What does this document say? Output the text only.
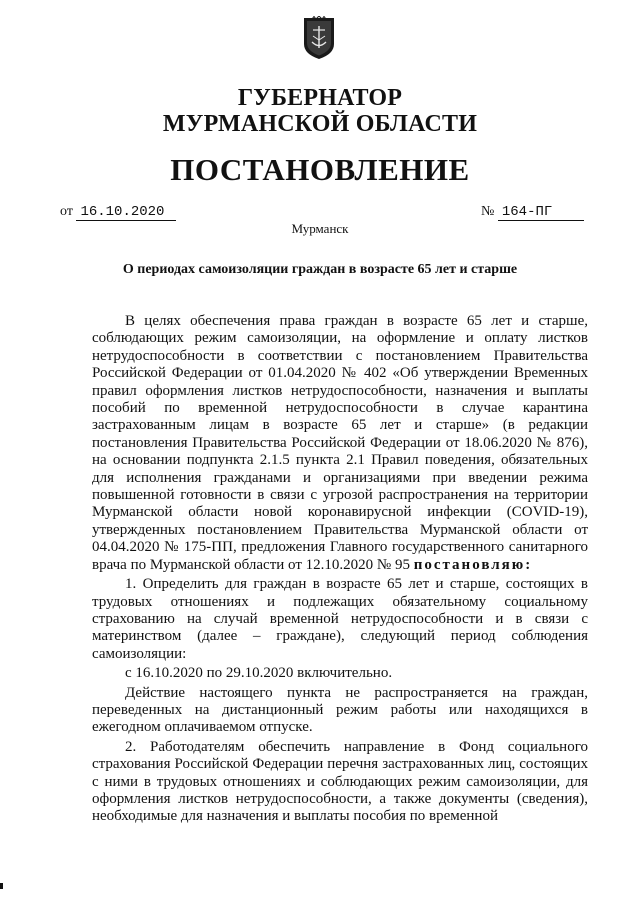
ГУБЕРНАТОР
МУРМАНСКОЙ ОБЛАСТИ
ПОСТАНОВЛЕНИЕ
от 16.10.2020	№ 164-ПГ
Мурманск
О периодах самоизоляции граждан в возрасте 65 лет и старше

В целях обеспечения права граждан в возрасте 65 лет и старше, соблюдающих режим самоизоляции, на оформление и оплату листков нетрудоспособности в соответствии с постановлением Правительства Российской Федерации от 01.04.2020 № 402 «Об утверждении Временных правил оформления листков нетрудоспособности, назначения и выплаты пособий по временной нетрудоспособности в случае карантина застрахованным лицам в возрасте 65 лет и старше» (в редакции постановления Правительства Российской Федерации от 18.06.2020 № 876), на основании подпункта 2.1.5 пункта 2.1 Правил поведения, обязательных для исполнения гражданами и организациями при введении режима повышенной готовности в связи с угрозой распространения на территории Мурманской области новой коронавирусной инфекции (COVID-19), утвержденных постановлением Правительства Мурманской области от 04.04.2020 № 175-ПП, предложения Главного государственного санитарного врача по Мурманской области от 12.10.2020 № 95 постановляю:

1. Определить для граждан в возрасте 65 лет и старше, состоящих в трудовых отношениях и подлежащих обязательному социальному страхованию на случай временной нетрудоспособности и в связи с материнством (далее – граждане), следующий период соблюдения самоизоляции:

с 16.10.2020 по 29.10.2020 включительно.

Действие настоящего пункта не распространяется на граждан, переведенных на дистанционный режим работы или находящихся в ежегодном оплачиваемом отпуске.

2. Работодателям обеспечить направление в Фонд социального страхования Российской Федерации перечня застрахованных лиц, состоящих с ними в трудовых отношениях и соблюдающих режим самоизоляции, для оформления листков нетрудоспособности, а также документы (сведения), необходимые для назначения и выплаты пособия по временной
